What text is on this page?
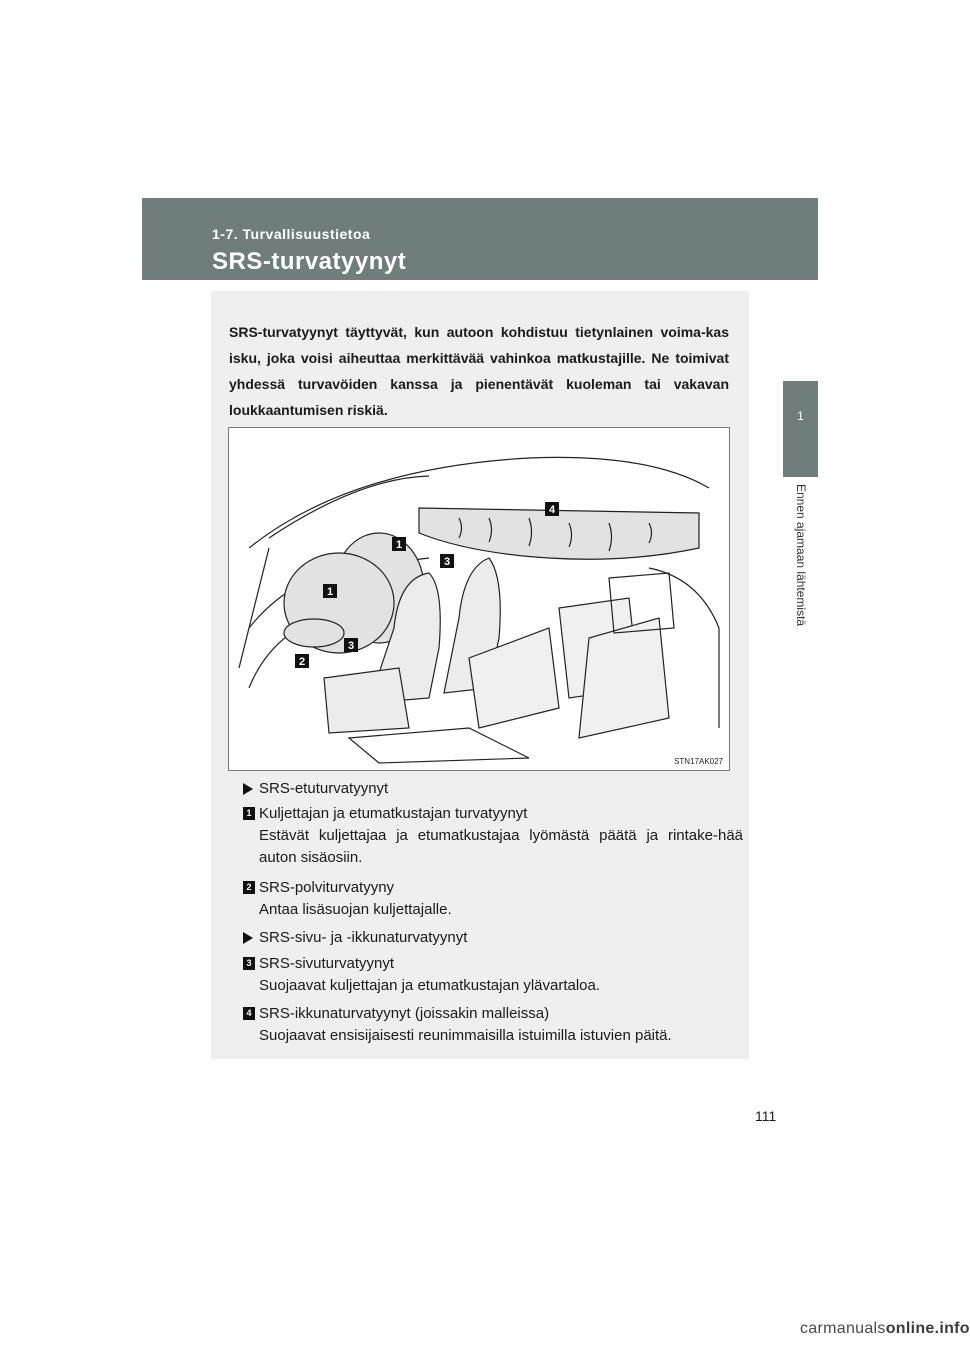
1-7. Turvallisuustietoa
SRS-turvatyynyt
1
Ennen ajamaan lähtemistä
SRS-turvatyynyt täyttyvät, kun autoon kohdistuu tietynlainen voima-kas isku, joka voisi aiheuttaa merkittävää vahinkoa matkustajille. Ne toimivat yhdessä turvavöiden kanssa ja pienentävät kuoleman tai vakavan loukkaantumisen riskiä.
1
3
1
3
2
4
STN17AK027
SRS-etuturvatyynyt
1 Kuljettajan ja etumatkustajan turvatyynyt
Estävät kuljettajaa ja etumatkustajaa lyömästä päätä ja rintake-hää auton sisäosiin.
2 SRS-polviturvatyyny
Antaa lisäsuojan kuljettajalle.
SRS-sivu- ja -ikkunaturvatyynyt
3 SRS-sivuturvatyynyt
Suojaavat kuljettajan ja etumatkustajan ylävartaloa.
4 SRS-ikkunaturvatyynyt (joissakin malleissa)
Suojaavat ensisijaisesti reunimmaisilla istuimilla istuvien päitä.
111
carmanualsonline.info
